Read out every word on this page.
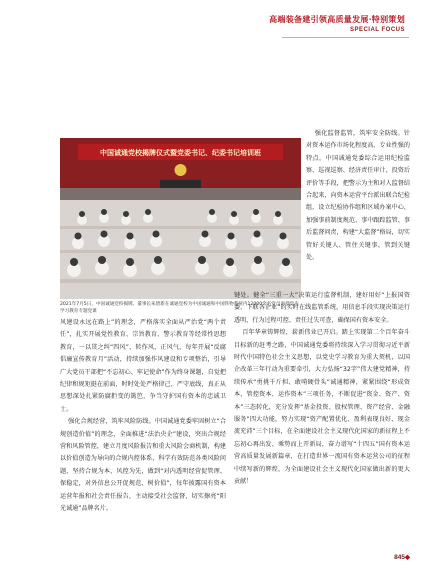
高端装备建引领高质量发展·特别策划
SPECIAL FOCUS
中国诚通党校揭牌仪式暨党委书记、纪委书记培训班
2021年7月5日，中国诚通党校揭牌。董事长朱碧新在诚通党校为中国诚通和中国铁物系统内12000余名党员讲授党史学习教育专题党课
强化监督监管，筑牢安全防线。针对资本运作市场化程度高、专业性强的特点，中国诚通党委综合运用纪检监察、巡视巡察、经济责任审计、投资后评价等手段，把警示为主和对人监督结合起来，向资本运营平台派出联合纪检组，设立纪检协作组和区域办案中心，加强事前制度规范、事中跟踪监管、事后监督问责，构建“大监督”格局，切实管好关键人、管住关键事、管到关键处。
风建设永远在路上”的理念，严格落实全面从严治党“两个责任”，扎实开展党性教育、宗旨教育、警示教育等经常性思想教育，一以贯之纠“四风”、转作风、正风气，每年开展“反腐倡廉宣传教育月”活动，持续加强作风建设和专项整治，引导广大党员干部把“不忘初心、牢记使命”作为终身课题，自觉把纪律和规矩挺在前面，时时处处严格律己，严守底线，真正从思想深处扎紧防腐拒变的篱笆，争当守护国有资本的忠诚卫士。
强化合规经营，筑牢风险防线。中国诚通党委牢固树立“合规创造价值”的理念，全面推进“法治央企”建设，突出合规经营和风险管控，建立月度风险报告和重大风险会商机制，构建以价值创造为导向的合规内控体系，科学有效防范各类风险问题，坚持合规为本、风控为先，做到“对内透明经营促管理、保稳定，对外信息公开促规范、树价值”，每年披露国有资本运营年报和社会责任报告，主动接受社会监督，切实擦亮“阳光诚通”品牌名片。
键处。健全“三重一大”决策运行监督机制，建好用好“上报国资委、下联各企业”的实时在线监管系统，用信息手段实现决策运行透明、行为过程可控、责任过失可查，确保国有资本安全。
百年华章铸辉煌，崭新伟业已开启。踏上实现第二个百年奋斗目标新的赶考之路，中国诚通党委将持续深入学习贯彻习近平新时代中国特色社会主义思想，以党史学习教育为重大契机，以国企改革三年行动为重要牵引，大力弘扬“32字”伟大建党精神，持续传承“勇挑千斤担、敢啃硬骨头”诚通精神，紧紧围绕“形成资本、管控资本、运作资本”三项任务，不断促进“资金、资产、资本”三态转化，充分发挥“基金投资、股权管理、资产经营、金融服务”四大功能，努力实现“资产配置优化、盈利表现良好、现金流充沛”三个目标，在全面建设社会主义现代化国家的新征程上不忘初心再出发、乘势而上开新局，奋力谱写“十四五”国有资本运营高质量发展新篇章，在打造世界一流国有资本运营公司的征程中续写新的辉煌，为全面建设社会主义现代化国家做出新的更大贡献！
845◆
